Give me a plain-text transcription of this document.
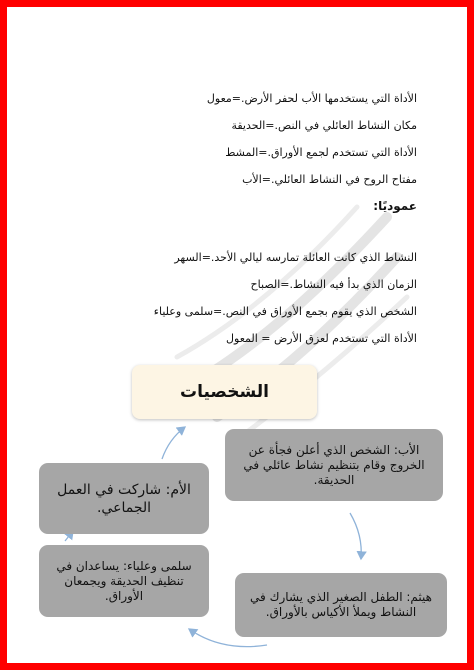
الأداة التي يستخدمها الأب لحفر الأرض.=معول
مكان النشاط العائلي في النص.=الحديقة
الأداة التي تستخدم لجمع الأوراق.=المشط
مفتاح الروح في النشاط العائلي.=الأب
عموديًا:
النشاط الذي كانت العائلة تمارسه ليالي الأحد.=السهر
الزمان الذي بدأ فيه النشاط.=الصباح
الشخص الذي يقوم بجمع الأوراق في النص.=سلمى وعلياء
الأداة التي تستخدم لعزق الأرض = المعول
الشخصيات
الأب: الشخص الذي أعلن فجأة عن الخروج وقام بتنظيم نشاط عائلي في الحديقة.
الأم: شاركت في العمل الجماعي.
سلمى وعلياء: يساعدان في تنظيف الحديقة ويجمعان الأوراق.	هيثم: الطفل الصغير الذي يشارك في النشاط ويملأ الأكياس بالأوراق.
